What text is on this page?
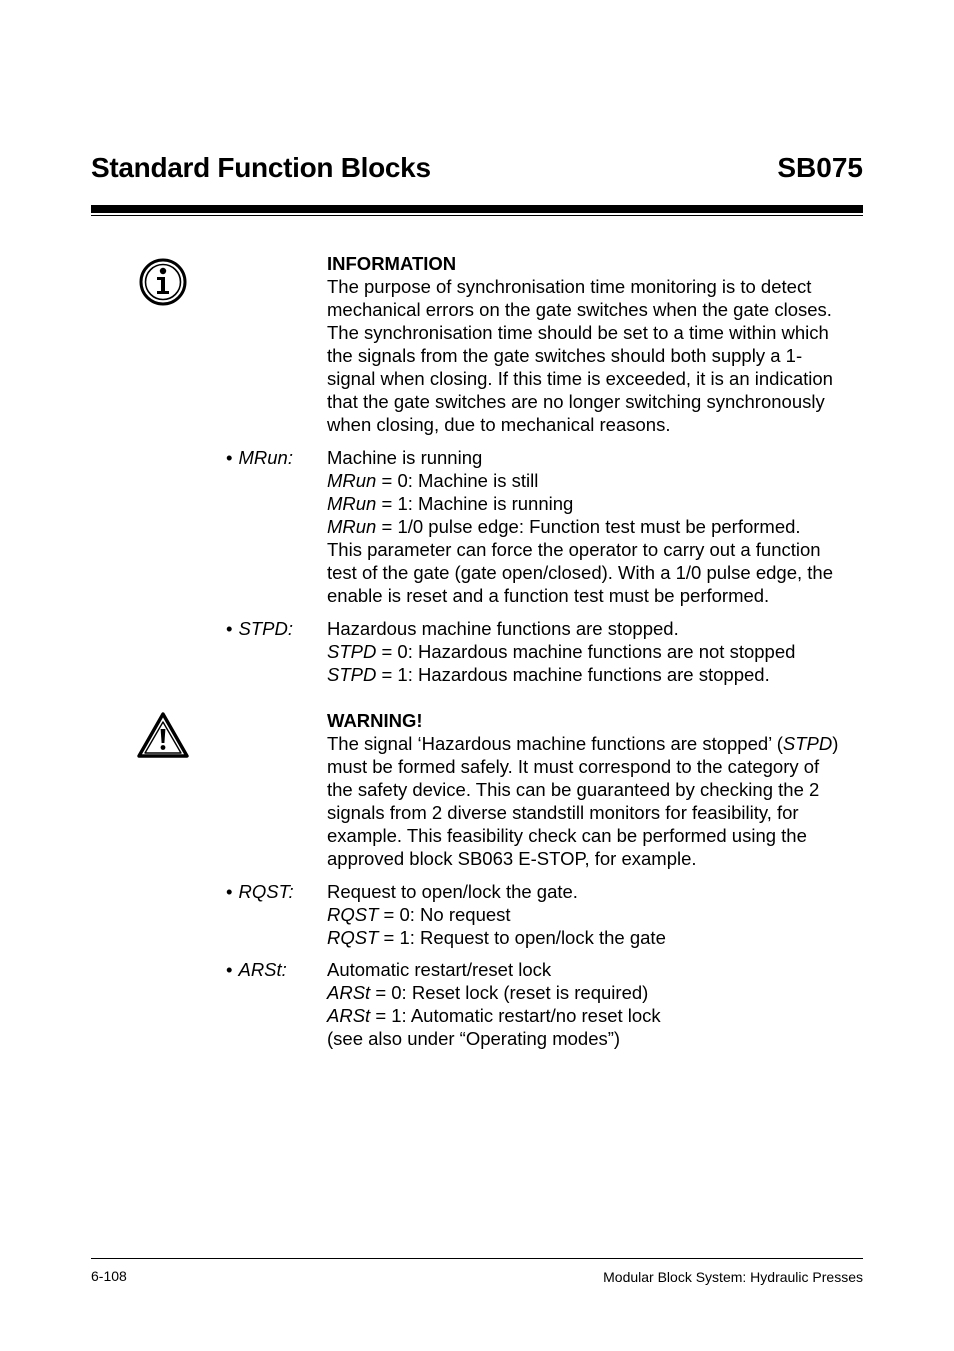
Standard Function Blocks	SB075
INFORMATION
The purpose of synchronisation time monitoring is to detect
mechanical errors on the gate switches when the gate closes.
The synchronisation time should be set to a time within which
the signals from the gate switches should both supply a 1-
signal when closing. If this time is exceeded, it is an indication
that the gate switches are no longer switching synchronously
when closing, due to mechanical reasons.
• MRun: Machine is running
MRun = 0: Machine is still
MRun = 1: Machine is running
MRun = 1/0 pulse edge: Function test must be performed.
This parameter can force the operator to carry out a function
test of the gate (gate open/closed). With a 1/0 pulse edge, the
enable is reset and a function test must be performed.
• STPD: Hazardous machine functions are stopped.
STPD = 0: Hazardous machine functions are not stopped
STPD = 1: Hazardous machine functions are stopped.
WARNING!
The signal ‘Hazardous machine functions are stopped’ (STPD)
must be formed safely. It must correspond to the category of
the safety device. This can be guaranteed by checking the 2
signals from 2 diverse standstill monitors for feasibility, for
example. This feasibility check can be performed using the
approved block SB063 E-STOP, for example.
• RQST: Request to open/lock the gate.
RQST = 0: No request
RQST = 1: Request to open/lock the gate
• ARSt: Automatic restart/reset lock
ARSt = 0: Reset lock (reset is required)
ARSt = 1: Automatic restart/no reset lock
(see also under “Operating modes”)
6-108	Modular Block System: Hydraulic Presses
